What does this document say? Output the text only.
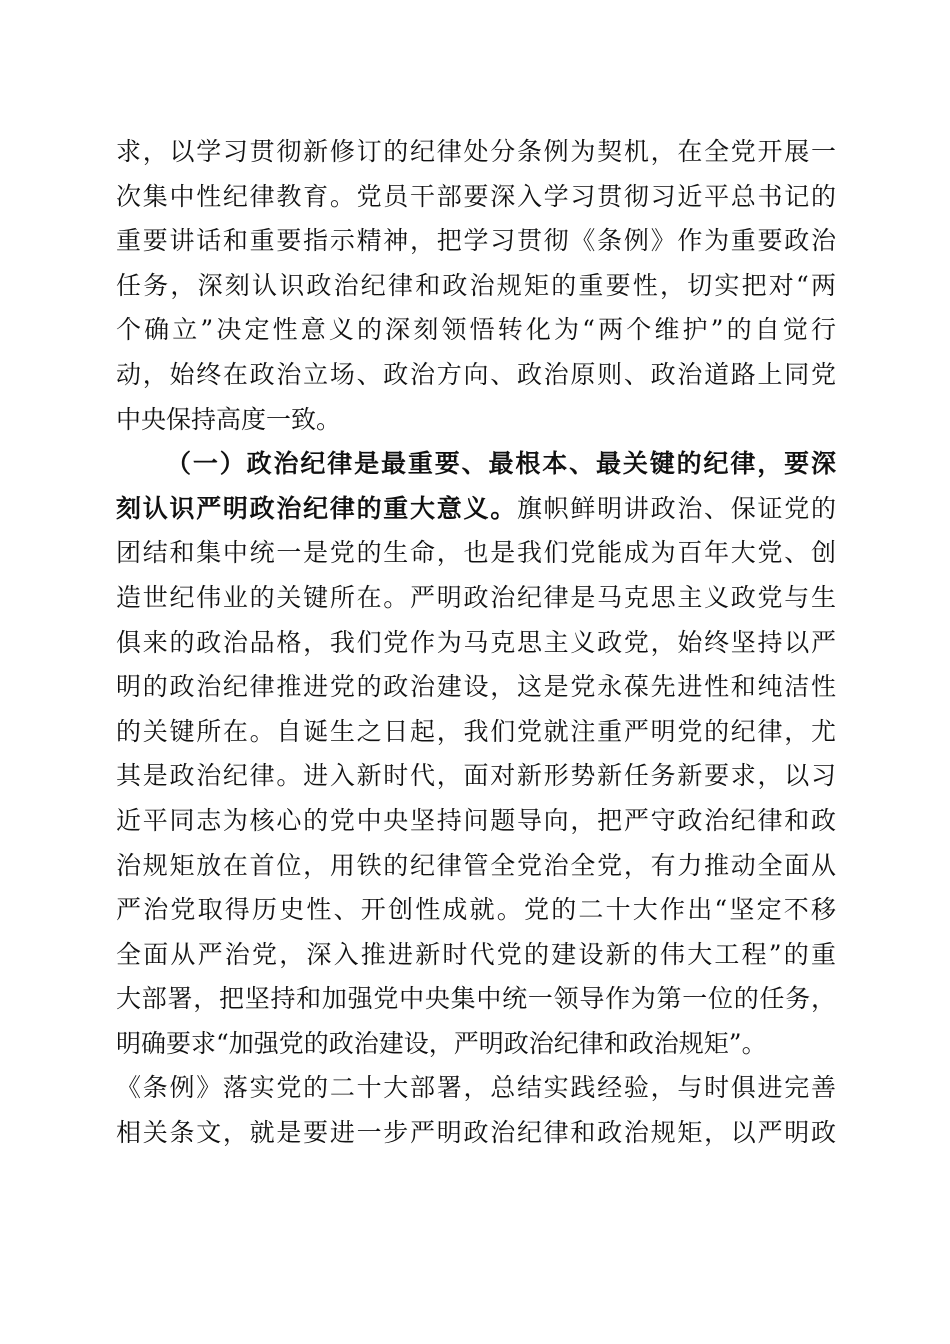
求，以学习贯彻新修订的纪律处分条例为契机，在全党开展一
次集中性纪律教育。党员干部要深入学习贯彻习近平总书记的
重要讲话和重要指示精神，把学习贯彻《条例》作为重要政治
任务，深刻认识政治纪律和政治规矩的重要性，切实把对“两
个确立”决定性意义的深刻领悟转化为“两个维护”的自觉行
动，始终在政治立场、政治方向、政治原则、政治道路上同党
中央保持高度一致。
（一）政治纪律是最重要、最根本、最关键的纪律，要深
刻认识严明政治纪律的重大意义。旗帜鲜明讲政治、保证党的
团结和集中统一是党的生命，也是我们党能成为百年大党、创
造世纪伟业的关键所在。严明政治纪律是马克思主义政党与生
俱来的政治品格，我们党作为马克思主义政党，始终坚持以严
明的政治纪律推进党的政治建设，这是党永葆先进性和纯洁性
的关键所在。自诞生之日起，我们党就注重严明党的纪律，尤
其是政治纪律。进入新时代，面对新形势新任务新要求，以习
近平同志为核心的党中央坚持问题导向，把严守政治纪律和政
治规矩放在首位，用铁的纪律管全党治全党，有力推动全面从
严治党取得历史性、开创性成就。党的二十大作出“坚定不移
全面从严治党，深入推进新时代党的建设新的伟大工程”的重
大部署，把坚持和加强党中央集中统一领导作为第一位的任务，
明确要求“加强党的政治建设，严明政治纪律和政治规矩”。
《条例》落实党的二十大部署，总结实践经验，与时俱进完善
相关条文，就是要进一步严明政治纪律和政治规矩，以严明政
